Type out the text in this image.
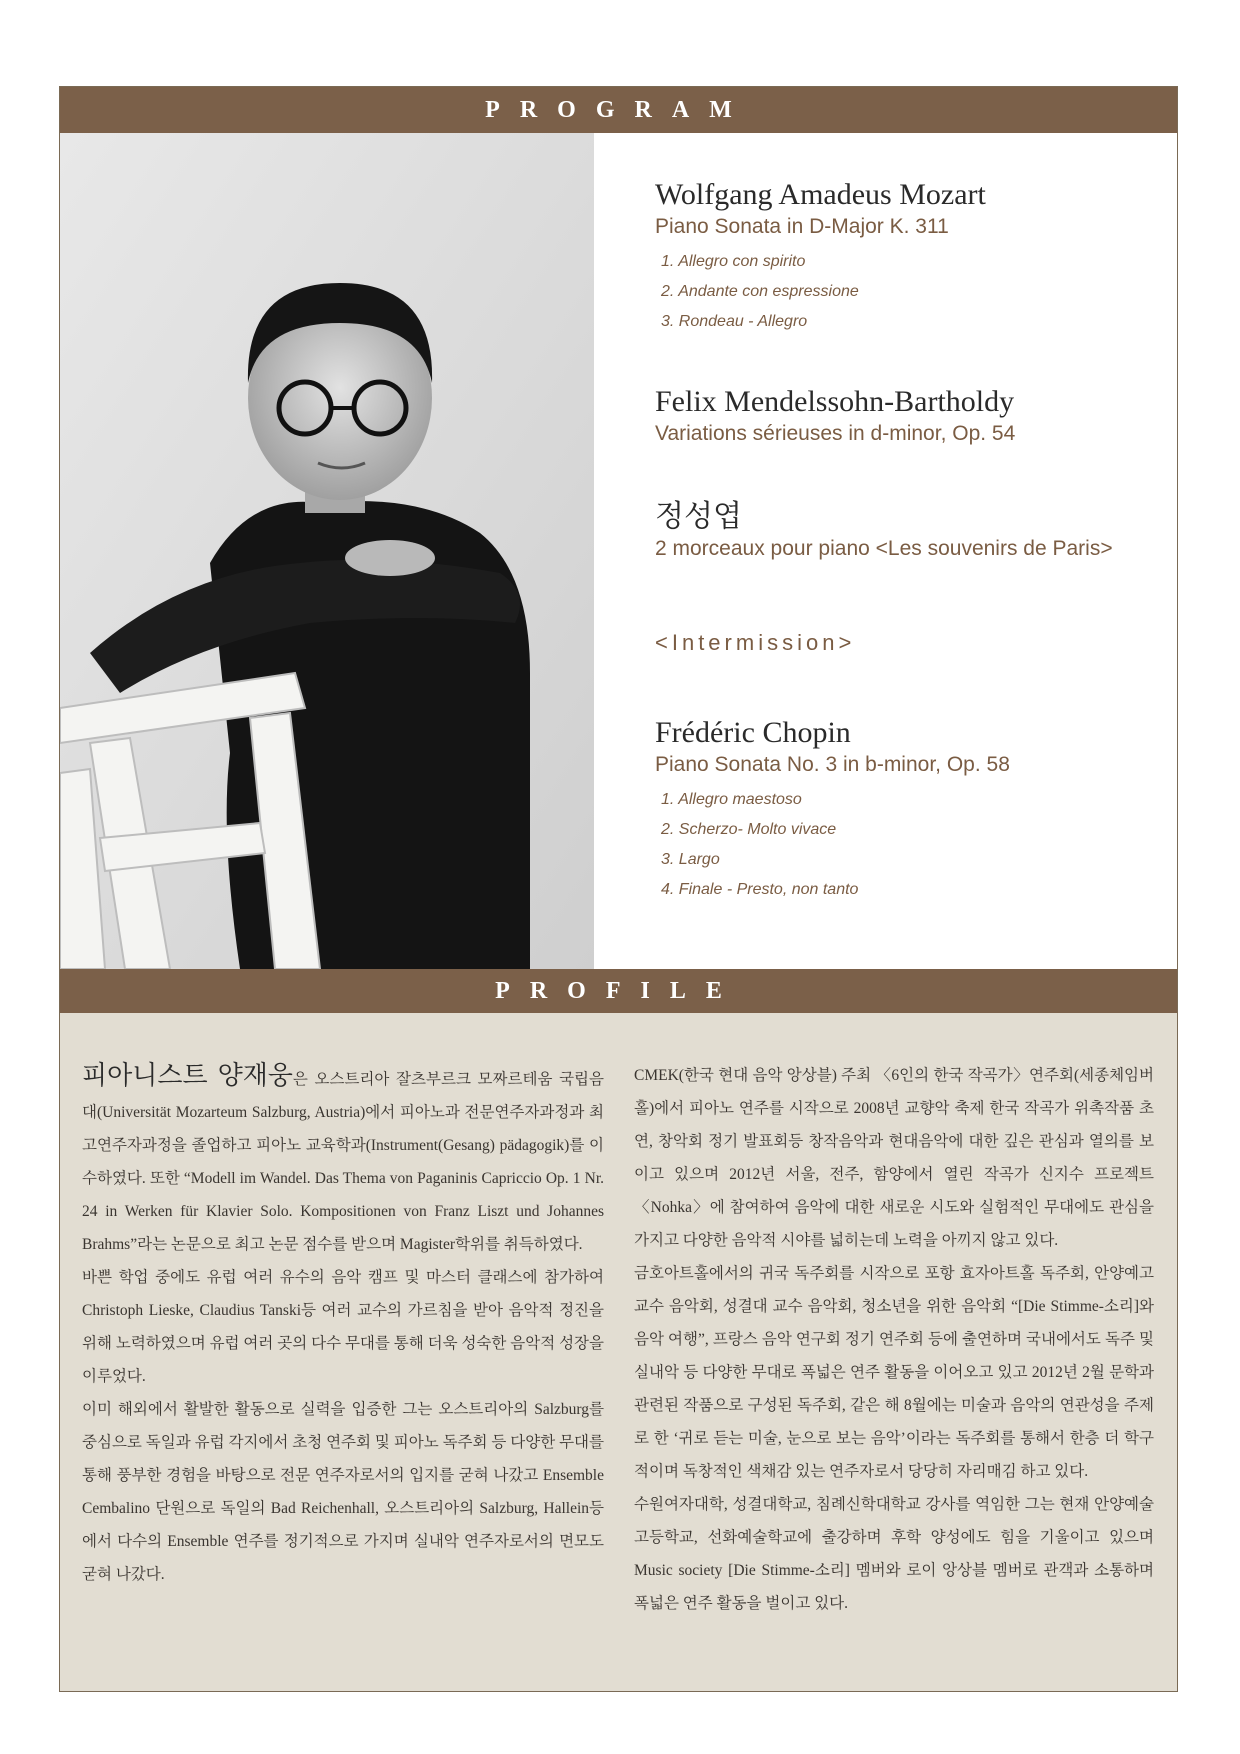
PROGRAM
Wolfgang Amadeus Mozart
Piano Sonata in D-Major K. 311
1. Allegro con spirito
2. Andante con espressione
3. Rondeau - Allegro
Felix Mendelssohn-Bartholdy
Variations sérieuses in d-minor, Op. 54
정성엽
2 morceaux pour piano <Les souvenirs de Paris>
<Intermission>
Frédéric Chopin
Piano Sonata No. 3 in b-minor, Op. 58
1. Allegro maestoso
2. Scherzo- Molto vivace
3. Largo
4. Finale - Presto, non tanto
PROFILE

피아니스트 양재웅은 오스트리아 잘츠부르크 모짜르테움 국립음대(Universität Mozarteum Salzburg, Austria)에서 피아노과 전문연주자과정과 최고연주자과정을 졸업하고 피아노 교육학과(Instrument(Gesang) pädagogik)를 이수하였다. 또한 “Modell im Wandel. Das Thema von Paganinis Capriccio Op. 1 Nr. 24 in Werken für Klavier Solo. Kompositionen von Franz Liszt und Johannes Brahms”라는 논문으로 최고 논문 점수를 받으며 Magister학위를 취득하였다.

바쁜 학업 중에도 유럽 여러 유수의 음악 캠프 및 마스터 클래스에 참가하여 Christoph Lieske, Claudius Tanski등 여러 교수의 가르침을 받아 음악적 정진을 위해 노력하였으며 유럽 여러 곳의 다수 무대를 통해 더욱 성숙한 음악적 성장을 이루었다.

이미 해외에서 활발한 활동으로 실력을 입증한 그는 오스트리아의 Salzburg를 중심으로 독일과 유럽 각지에서 초청 연주회 및 피아노 독주회 등 다양한 무대를 통해 풍부한 경험을 바탕으로 전문 연주자로서의 입지를 굳혀 나갔고 Ensemble Cembalino 단원으로 독일의 Bad Reichenhall, 오스트리아의 Salzburg, Hallein등에서 다수의 Ensemble 연주를 정기적으로 가지며 실내악 연주자로서의 면모도 굳혀 나갔다.

CMEK(한국 현대 음악 앙상블) 주최 〈6인의 한국 작곡가〉연주회(세종체임버홀)에서 피아노 연주를 시작으로 2008년 교향악 축제 한국 작곡가 위촉작품 초연, 창악회 정기 발표회등 창작음악과 현대음악에 대한 깊은 관심과 열의를 보이고 있으며 2012년 서울, 전주, 함양에서 열린 작곡가 신지수 프로젝트 〈Nohka〉에 참여하여 음악에 대한 새로운 시도와 실험적인 무대에도 관심을 가지고 다양한 음악적 시야를 넓히는데 노력을 아끼지 않고 있다.

금호아트홀에서의 귀국 독주회를 시작으로 포항 효자아트홀 독주회, 안양예고 교수 음악회, 성결대 교수 음악회, 청소년을 위한 음악회 “[Die Stimme-소리]와 음악 여행”, 프랑스 음악 연구회 정기 연주회 등에 출연하며 국내에서도 독주 및 실내악 등 다양한 무대로 폭넓은 연주 활동을 이어오고 있고 2012년 2월 문학과 관련된 작품으로 구성된 독주회, 같은 해 8월에는 미술과 음악의 연관성을 주제로 한 ‘귀로 듣는 미술, 눈으로 보는 음악’이라는 독주회를 통해서 한층 더 학구적이며 독창적인 색채감 있는 연주자로서 당당히 자리매김 하고 있다.

수원여자대학, 성결대학교, 침례신학대학교 강사를 역임한 그는 현재 안양예술고등학교, 선화예술학교에 출강하며 후학 양성에도 힘을 기울이고 있으며 Music society [Die Stimme-소리] 멤버와 로이 앙상블 멤버로 관객과 소통하며 폭넓은 연주 활동을 벌이고 있다.
